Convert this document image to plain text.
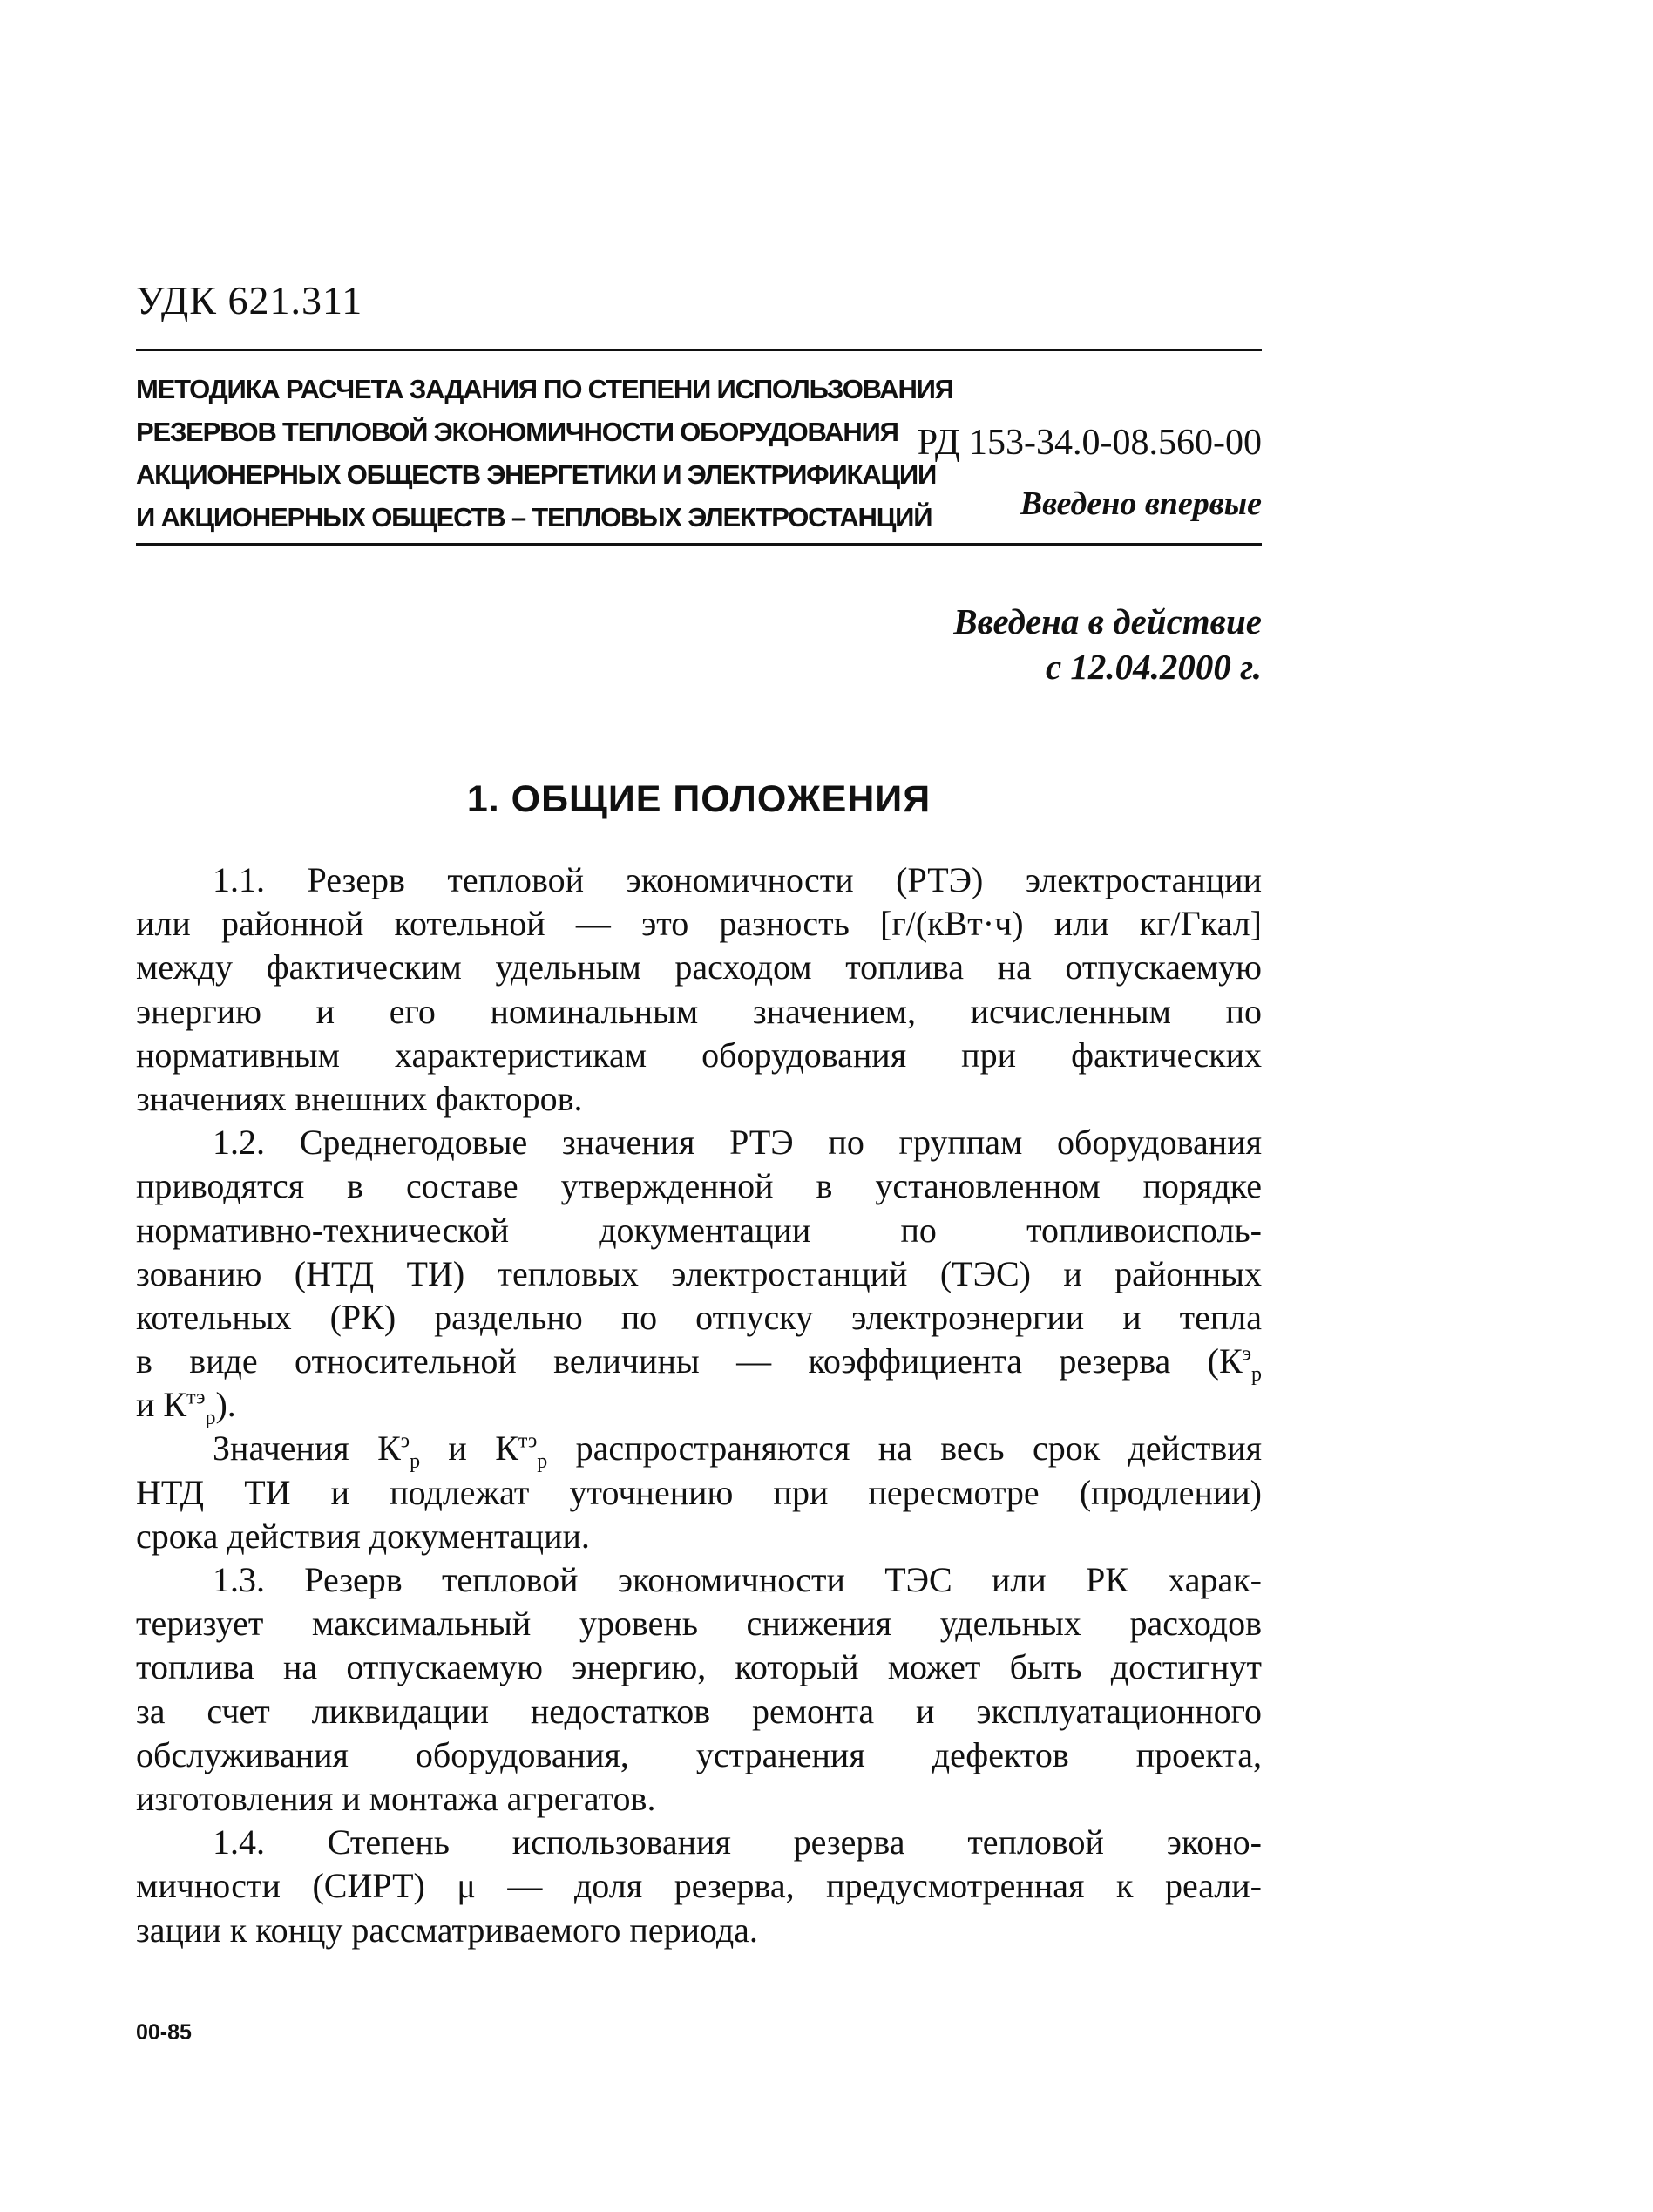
УДК 621.311
МЕТОДИКА РАСЧЕТА ЗАДАНИЯ ПО СТЕПЕНИ ИСПОЛЬЗОВАНИЯ
РЕЗЕРВОВ ТЕПЛОВОЙ ЭКОНОМИЧНОСТИ ОБОРУДОВАНИЯ
АКЦИОНЕРНЫХ ОБЩЕСТВ ЭНЕРГЕТИКИ И ЭЛЕКТРИФИКАЦИИ
И АКЦИОНЕРНЫХ ОБЩЕСТВ – ТЕПЛОВЫХ ЭЛЕКТРОСТАНЦИЙ
РД 153-34.0-08.560-00
Введено впервые
Введена в действие
с 12.04.2000 г.
1. ОБЩИЕ ПОЛОЖЕНИЯ
1.1. Резерв тепловой экономичности (РТЭ) электростанции
или районной котельной — это разность [г/(кВт·ч) или кг/Гкал]
между фактическим удельным расходом топлива на отпускаемую
энергию и его номинальным значением, исчисленным по
нормативным характеристикам оборудования при фактических
значениях внешних факторов.
1.2. Среднегодовые значения РТЭ по группам оборудования
приводятся в составе утвержденной в установленном порядке
нормативно-технической документации по топливоисполь-
зованию (НТД ТИ) тепловых электростанций (ТЭС) и районных
котельных (РК) раздельно по отпуску электроэнергии и тепла
в виде относительной величины — коэффициента резерва ($К^э_р$
и $К^{тэ}_р$).
Значения $К^э_р$ и $К^{тэ}_р$ распространяются на весь срок действия
НТД ТИ и подлежат уточнению при пересмотре (продлении)
срока действия документации.
1.3. Резерв тепловой экономичности ТЭС или РК харак-
теризует максимальный уровень снижения удельных расходов
топлива на отпускаемую энергию, который может быть достигнут
за счет ликвидации недостатков ремонта и эксплуатационного
обслуживания оборудования, устранения дефектов проекта,
изготовления и монтажа агрегатов.
1.4. Степень использования резерва тепловой эконо-
мичности (СИРТ) μ — доля резерва, предусмотренная к реали-
зации к концу рассматриваемого периода.
00-85
